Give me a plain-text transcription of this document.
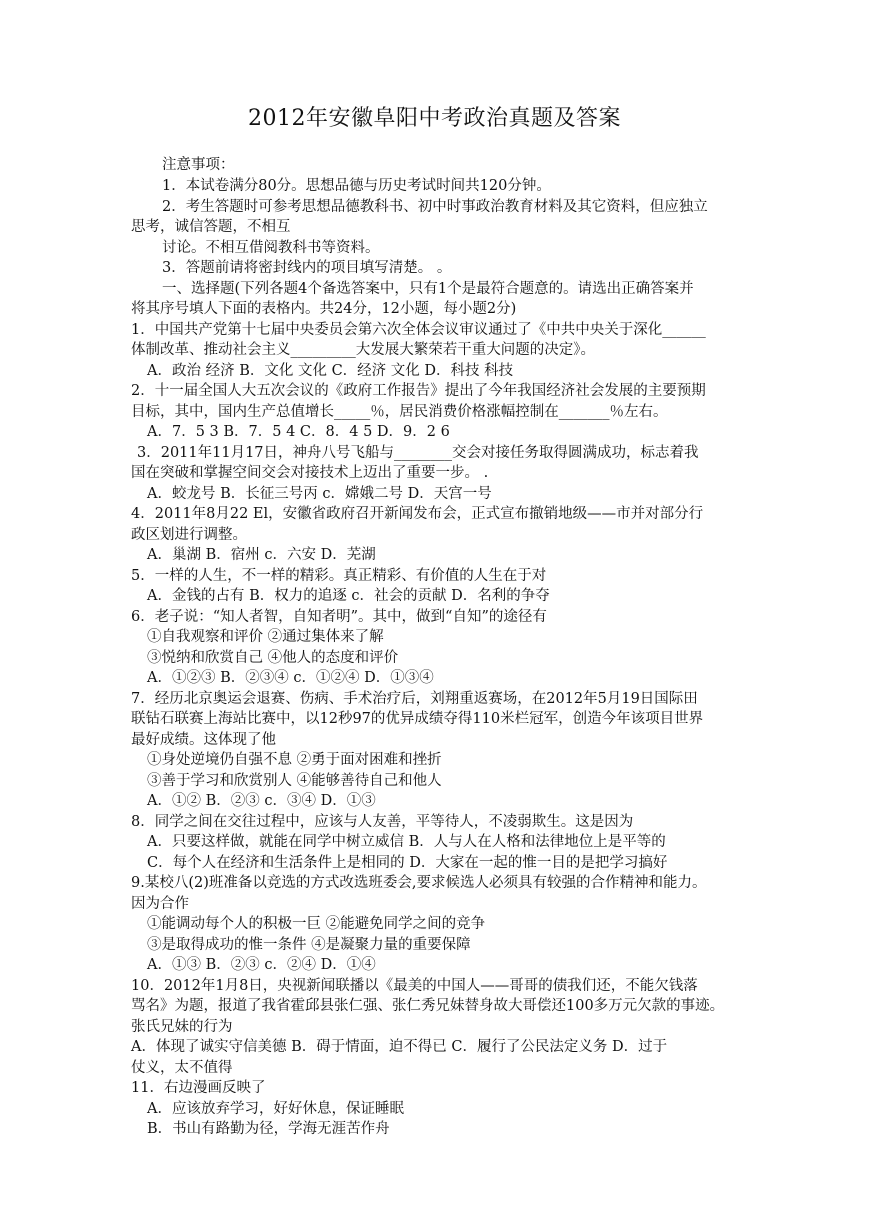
2012年安徽阜阳中考政治真题及答案
注意事项：
1．本试卷满分80分。思想品德与历史考试时间共120分钟。
2．考生答题时可参考思想品德教科书、初中时事政治教育材料及其它资料，但应独立
思考，诚信答题，不相互
讨论。不相互借阅教科书等资料。
3．答题前请将密封线内的项目填写清楚。 。
一、选择题(下列各题4个备选答案中，只有1个是最符合题意的。请选出正确答案并
将其序号填人下面的表格内。共24分，12小题，每小题2分)
1．中国共产党第十七届中央委员会第六次全体会议审议通过了《中共中央关于深化______
体制改革、推动社会主义_________大发展大繁荣若干重大问题的决定》。
A．政治 经济 B．文化 文化 C．经济 文化 D．科技 科技
2．十一届全国人大五次会议的《政府工作报告》提出了今年我国经济社会发展的主要预期
目标，其中，国内生产总值增长_____％，居民消费价格涨幅控制在_______％左右。
A．7．5 3 B．7．5 4 C．8．4 5 D．9．2 6
3．2011年11月17日，神舟八号飞船与________交会对接任务取得圆满成功，标志着我
国在突破和掌握空间交会对接技术上迈出了重要一步。 .
A．蛟龙号 B．长征三号丙 c．嫦娥二号 D．天宫一号
4．2011年8月22 El，安徽省政府召开新闻发布会，正式宣布撤销地级——市并对部分行
政区划进行调整。
A．巢湖 B．宿州 c．六安 D．芜湖
5．一样的人生，不一样的精彩。真正精彩、有价值的人生在于对
A．金钱的占有 B．权力的追逐 c．社会的贡献 D．名利的争夺
6．老子说：“知人者智，自知者明”。其中，做到“自知”的途径有
①自我观察和评价 ②通过集体来了解
③悦纳和欣赏自己 ④他人的态度和评价
A．①②③ B．②③④ c．①②④ D．①③④
7．经历北京奥运会退赛、伤病、手术治疗后，刘翔重返赛场，在2012年5月19日国际田
联钻石联赛上海站比赛中，以12秒97的优异成绩夺得110米栏冠军，创造今年该项目世界
最好成绩。这体现了他
①身处逆境仍自强不息 ②勇于面对困难和挫折
③善于学习和欣赏别人 ④能够善待自己和他人
A．①② B．②③ c．③④ D．①③
8．同学之间在交往过程中，应该与人友善，平等待人，不凌弱欺生。这是因为
A．只要这样做，就能在同学中树立威信 B．人与人在人格和法律地位上是平等的
C．每个人在经济和生活条件上是相同的 D．大家在一起的惟一目的是把学习搞好
9.某校八(2)班准备以竞选的方式改选班委会,要求候选人必须具有较强的合作精神和能力。
因为合作
①能调动每个人的积极一巨 ②能避免同学之间的竞争
③是取得成功的惟一条件 ④是凝聚力量的重要保障
A．①③ B．②③ c．②④ D．①④
10．2012年1月8日，央视新闻联播以《最美的中国人——哥哥的债我们还，不能欠钱落
骂名》为题，报道了我省霍邱县张仁强、张仁秀兄妹替身故大哥偿还100多万元欠款的事迹。
张氏兄妹的行为
A．体现了诚实守信美德 B．碍于情面，迫不得已 C．履行了公民法定义务 D．过于
仗义，太不值得
11．右边漫画反映了
A．应该放弃学习，好好休息，保证睡眠
B．书山有路勤为径，学海无涯苦作舟
